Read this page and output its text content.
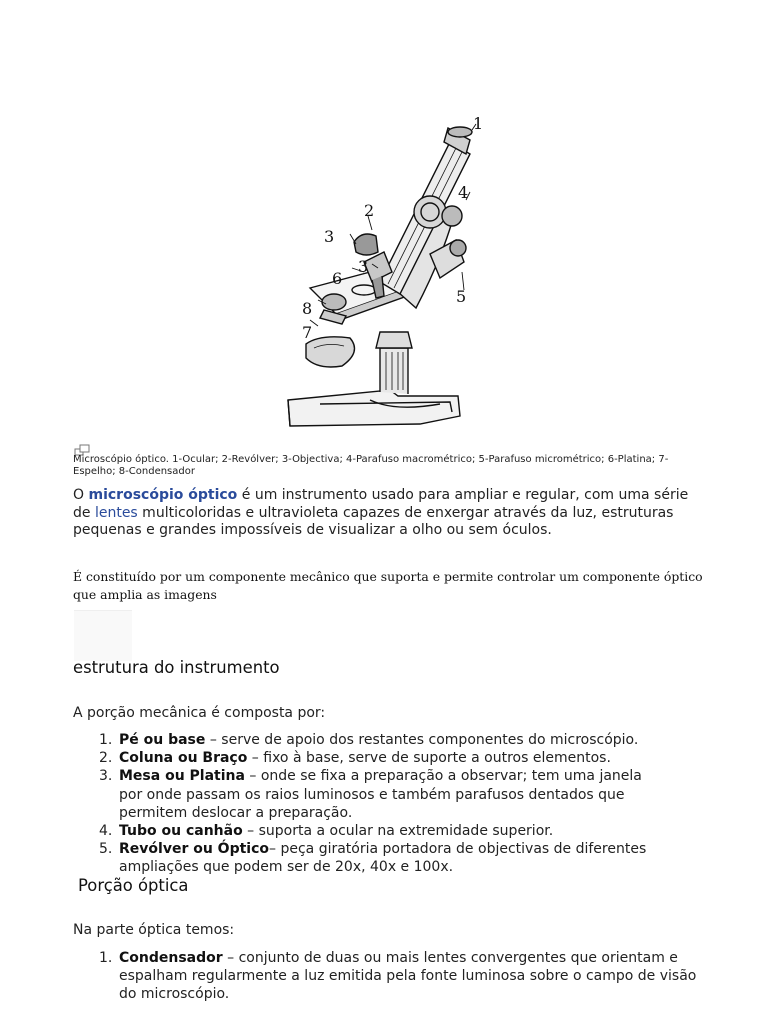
1
2
3
4
5
6
3
7
8
Microscópio óptico. 1-Ocular; 2-Revólver; 3-Objectiva; 4-Parafuso macrométrico; 5-Parafuso micrométrico; 6-Platina; 7-Espelho; 8-Condensador
O microscópio óptico é um instrumento usado para ampliar e regular, com uma série de lentes multicoloridas e ultravioleta capazes de enxergar através da luz, estruturas pequenas e grandes impossíveis de visualizar a olho ou sem óculos.
É constituído por um componente mecânico que suporta e permite controlar um componente óptico que amplia as imagens
estrutura do instrumento
A porção mecânica é composta por:
1. Pé ou base – serve de apoio dos restantes componentes do microscópio.
2. Coluna ou Braço – fixo à base, serve de suporte a outros elementos.
3. Mesa ou Platina – onde se fixa a preparação a observar; tem uma janela por onde passam os raios luminosos e também parafusos dentados que permitem deslocar a preparação.
4. Tubo ou canhão – suporta a ocular na extremidade superior.
5. Revólver ou Óptico– peça giratória portadora de objectivas de diferentes ampliações que podem ser de 20x, 40x e 100x.
Porção óptica
Na parte óptica temos:
1. Condensador – conjunto de duas ou mais lentes convergentes que orientam e espalham regularmente a luz emitida pela fonte luminosa sobre o campo de visão do microscópio.
